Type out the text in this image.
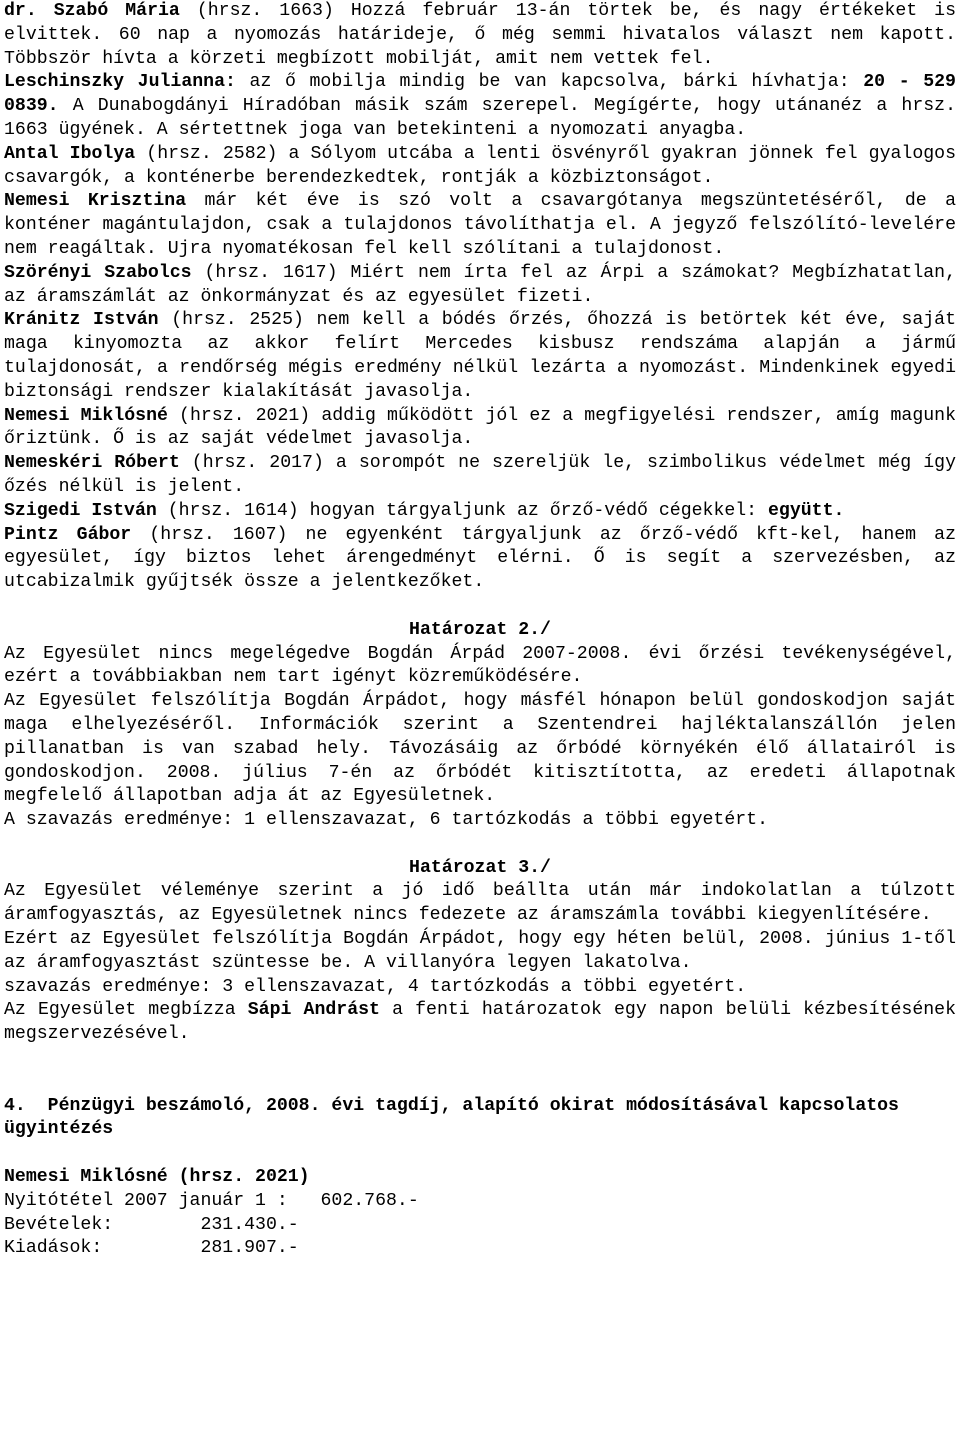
dr. Szabó Mária (hrsz. 1663) Hozzá február 13-án törtek be, és nagy értékeket is elvittek. 60 nap a nyomozás határideje, ő még semmi hivatalos választ nem kapott. Többször hívta a körzeti megbízott mobilját, amit nem vettek fel.

Leschinszky Julianna: az ő mobilja mindig be van kapcsolva, bárki hívhatja: 20 - 529 0839. A Dunabogdányi Híradóban másik szám szerepel. Megígérte, hogy utánanéz a hrsz. 1663 ügyének. A sértettnek joga van betekinteni a nyomozati anyagba.

Antal Ibolya (hrsz. 2582) a Sólyom utcába a lenti ösvényről gyakran jönnek fel gyalogos csavargók, a konténerbe berendezkedtek, rontják a közbiztonságot.

Nemesi Krisztina már két éve is szó volt a csavargótanya megszüntetéséről, de a konténer magántulajdon, csak a tulajdonos távolíthatja el. A jegyző felszólító-levelére nem reagáltak. Ujra nyomatékosan fel kell szólítani a tulajdonost.

Szörényi Szabolcs (hrsz. 1617) Miért nem írta fel az Árpi a számokat? Megbízhatatlan, az áramszámlát az önkormányzat és az egyesület fizeti.

Kránitz István (hrsz. 2525) nem kell a bódés őrzés, őhozzá is betörtek két éve, saját maga kinyomozta az akkor felírt Mercedes kisbusz rendszáma alapján a jármű tulajdonosát, a rendőrség mégis eredmény nélkül lezárta a nyomozást. Mindenkinek egyedi biztonsági rendszer kialakítását javasolja.

Nemesi Miklósné (hrsz. 2021) addig működött jól ez a megfigyelési rendszer, amíg magunk őriztünk. Ő is az saját védelmet javasolja.

Nemeskéri Róbert (hrsz. 2017) a sorompót ne szereljük le, szimbolikus védelmet még így őzés nélkül is jelent.

Szigedi István (hrsz. 1614) hogyan tárgyaljunk az őrző-védő cégekkel: együtt.

Pintz Gábor (hrsz. 1607) ne egyenként tárgyaljunk az őrző-védő kft-kel, hanem az egyesület, így biztos lehet árengedményt elérni. Ő is segít a szervezésben, az utcabizalmik gyűjtsék össze a jelentkezőket.

Határozat 2./

Az Egyesület nincs megelégedve Bogdán Árpád 2007-2008. évi őrzési tevékenységével, ezért a továbbiakban nem tart igényt közreműködésére.

Az Egyesület felszólítja Bogdán Árpádot, hogy másfél hónapon belül gondoskodjon saját maga elhelyezéséről. Információk szerint a Szentendrei hajléktalanszállón jelen pillanatban is van szabad hely. Távozásáig az őrbódé környékén élő állatairól is gondoskodjon. 2008. július 7-én az őrbódét kitisztította, az eredeti állapotnak megfelelő állapotban adja át az Egyesületnek.

A szavazás eredménye: 1 ellenszavazat, 6 tartózkodás a többi egyetért.

Határozat 3./

Az Egyesület véleménye szerint a jó idő beállta után már indokolatlan a túlzott áramfogyasztás, az Egyesületnek nincs fedezete az áramszámla további kiegyenlítésére.

Ezért az Egyesület felszólítja Bogdán Árpádot, hogy egy héten belül, 2008. június 1-től az áramfogyasztást szüntesse be. A villanyóra legyen lakatolva.

szavazás eredménye: 3 ellenszavazat, 4 tartózkodás a többi egyetért.

Az Egyesület megbízza Sápi Andrást a fenti határozatok egy napon belüli kézbesítésének megszervezésével.

4.  Pénzügyi beszámoló, 2008. évi tagdíj, alapító okirat módosításával kapcsolatos ügyintézés

Nemesi Miklósné (hrsz. 2021)

Nyitótétel 2007 január 1 : 602.768.-
Bevételek: 231.430.-
Kiadások: 281.907.-
